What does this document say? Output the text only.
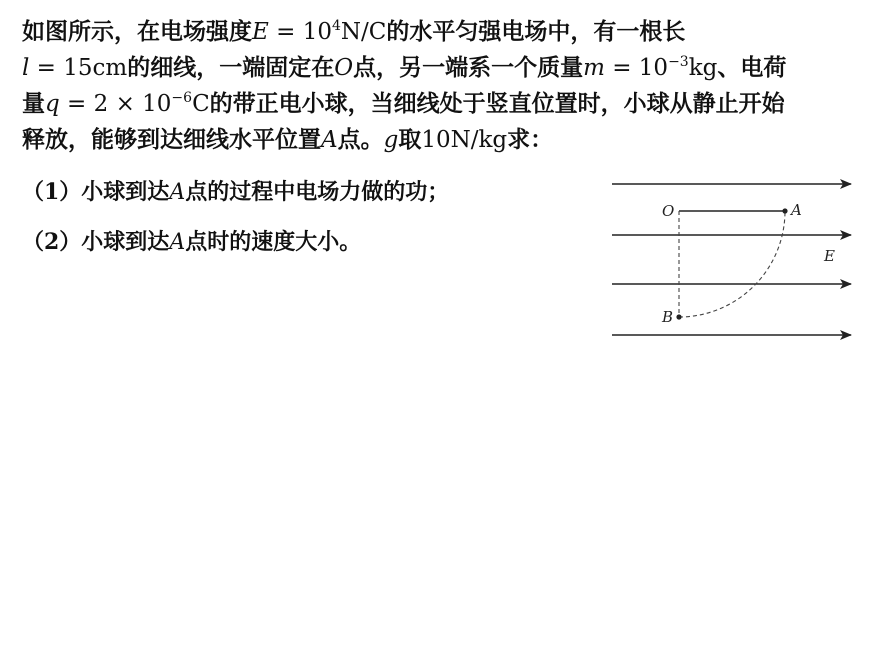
如图所示，在电场强度$E = 10^4N/C$的水平匀强电场中，有一根长
l = 15cm的细线，一端固定在O点，另一端系一个质量$m = 10^{-3}kg$、电荷
量$q = 2 \times 10^{-6}C$的带正电小球，当细线处于竖直位置时，小球从静止开始
释放，能够到达细线水平位置A点。g取10N/kg求：
（1）小球到达A点的过程中电场力做的功；
（2）小球到达A点时的速度大小。
O	A
B
E
